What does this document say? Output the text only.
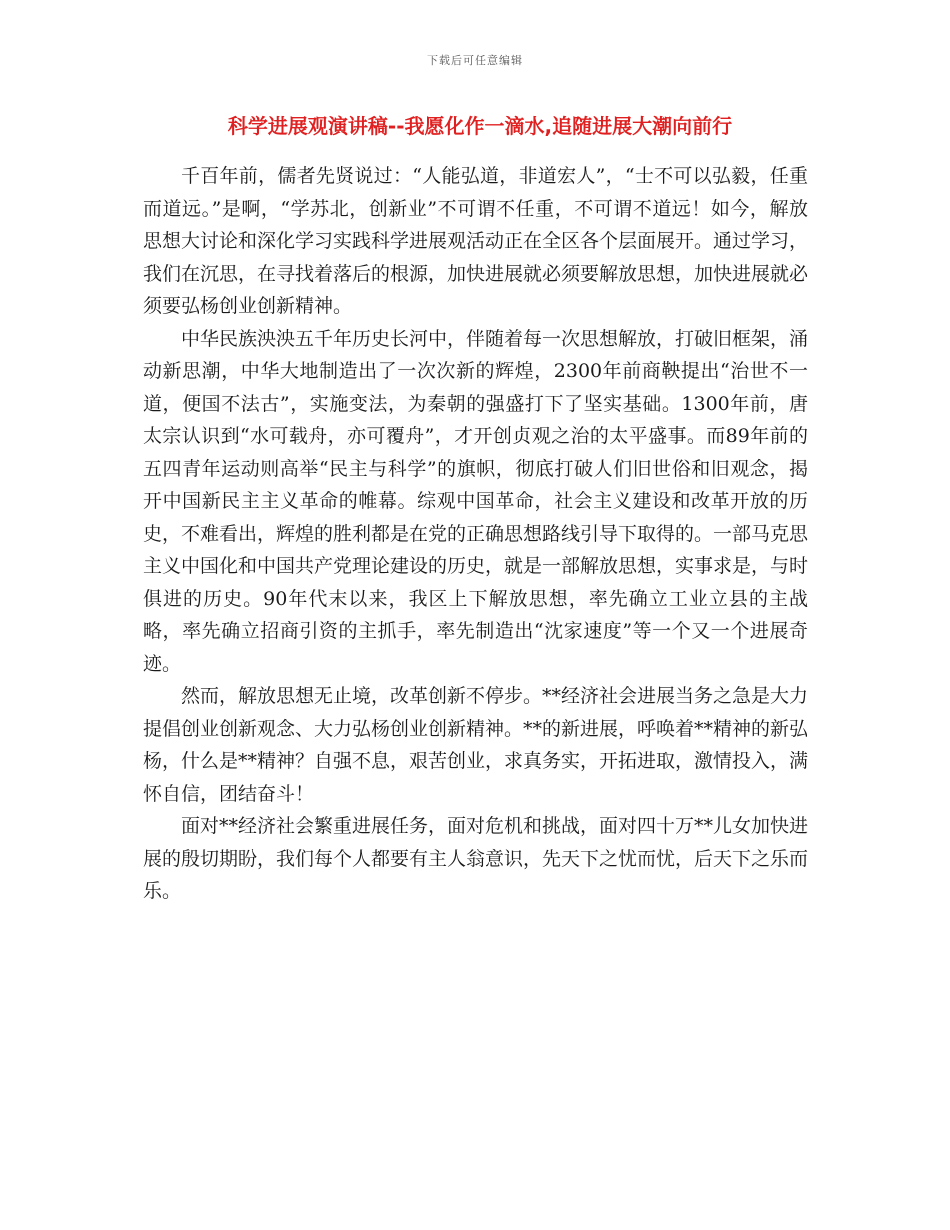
下载后可任意编辑
科学进展观演讲稿--我愿化作一滴水,追随进展大潮向前行

千百年前，儒者先贤说过：“人能弘道，非道宏人”，“士不可以弘毅，任重而道远。”是啊，“学苏北，创新业”不可谓不任重，不可谓不道远！如今，解放思想大讨论和深化学习实践科学进展观活动正在全区各个层面展开。通过学习，我们在沉思，在寻找着落后的根源，加快进展就必须要解放思想，加快进展就必须要弘杨创业创新精神。

中华民族泱泱五千年历史长河中，伴随着每一次思想解放，打破旧框架，涌动新思潮，中华大地制造出了一次次新的辉煌，2300年前商鞅提出“治世不一道，便国不法古”，实施变法，为秦朝的强盛打下了坚实基础。1300年前，唐太宗认识到“水可载舟，亦可覆舟”，才开创贞观之治的太平盛事。而89年前的五四青年运动则高举“民主与科学”的旗帜，彻底打破人们旧世俗和旧观念，揭开中国新民主主义革命的帷幕。综观中国革命，社会主义建设和改革开放的历史，不难看出，辉煌的胜利都是在党的正确思想路线引导下取得的。一部马克思主义中国化和中国共产党理论建设的历史，就是一部解放思想，实事求是，与时俱进的历史。90年代末以来，我区上下解放思想，率先确立工业立县的主战略，率先确立招商引资的主抓手，率先制造出“沈家速度”等一个又一个进展奇迹。

然而，解放思想无止境，改革创新不停步。**经济社会进展当务之急是大力提倡创业创新观念、大力弘杨创业创新精神。**的新进展，呼唤着**精神的新弘杨，什么是**精神？自强不息，艰苦创业，求真务实，开拓进取，激情投入，满怀自信，团结奋斗！

面对**经济社会繁重进展任务，面对危机和挑战，面对四十万**儿女加快进展的殷切期盼，我们每个人都要有主人翁意识，先天下之忧而忧，后天下之乐而乐。
